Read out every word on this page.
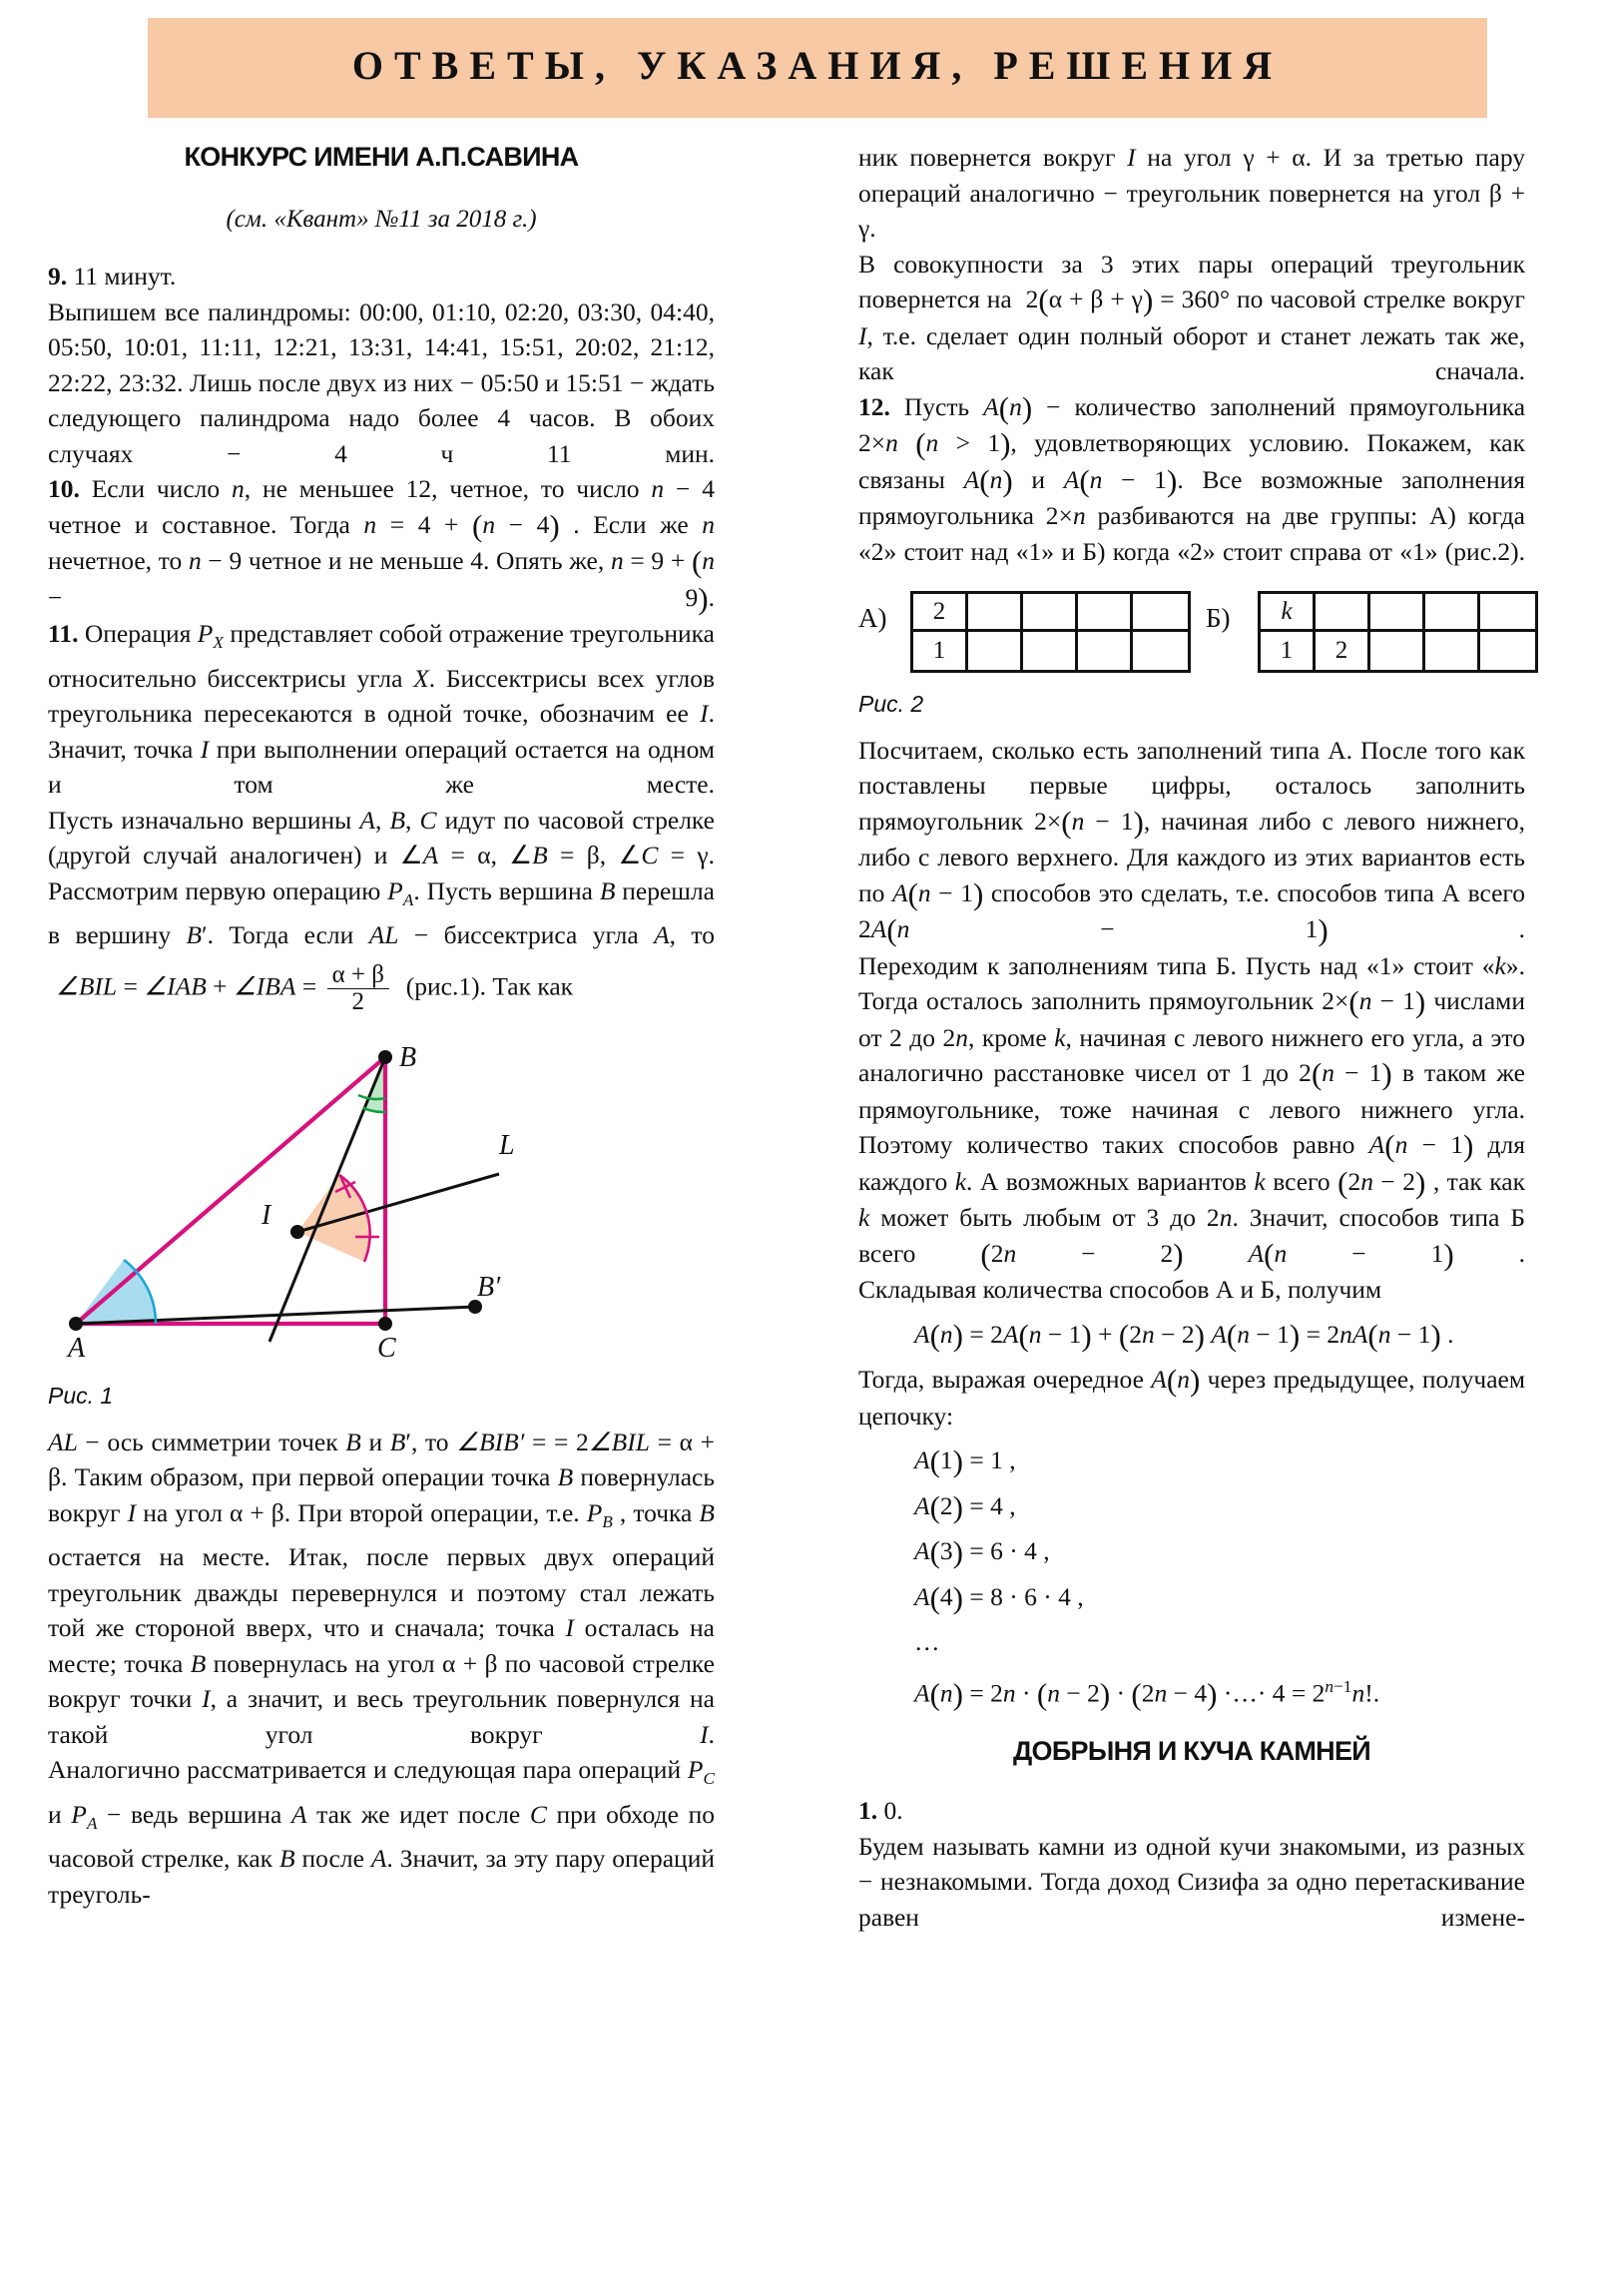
ОТВЕТЫ, УКАЗАНИЯ, РЕШЕНИЯ
КОНКУРС ИМЕНИ А.П.САВИНА
(см. «Квант» №11 за 2018 г.)

9. 11 минут.

Выпишем все палиндромы: 00:00, 01:10, 02:20, 03:30, 04:40, 05:50, 10:01, 11:11, 12:21, 13:31, 14:41, 15:51, 20:02, 21:12, 22:22, 23:32. Лишь после двух из них − 05:50 и 15:51 − ждать следующего палиндрома надо более 4 часов. В обоих случаях − 4 ч 11 мин.

10. Если число n, не меньшее 12, четное, то число n − 4 четное и составное. Тогда n = 4 + (n − 4) . Если же n нечетное, то n − 9 четное и не меньше 4. Опять же, n = 9 + (n − 9).

11. Операция $P_X$ представляет собой отражение треугольника относительно биссектрисы угла X. Биссектрисы всех углов треугольника пересекаются в одной точке, обозначим ее I. Значит, точка I при выполнении операций остается на одном и том же месте.

Пусть изначально вершины A, B, C идут по часовой стрелке (другой случай аналогичен) и ∠A = α, ∠B = β, ∠C = γ. Рассмотрим первую операцию $P_A$. Пусть вершина B перешла в вершину B′. Тогда если AL − биссектриса угла A, то

∠BIL = ∠IAB + ∠IBA = $\frac{\alpha + \beta}{2} (рис.1)$. Так как
A
B
C
I
L
B′
Рис. 1

AL − ось симметрии точек B и B′, то ∠BIB′ = = 2∠BIL = α + β. Таким образом, при первой операции точка B повернулась вокруг I на угол α + β. При второй операции, т.е. $P_B$ , точка B остается на месте. Итак, после первых двух операций треугольник дважды перевернулся и поэтому стал лежать той же стороной вверх, что и сначала; точка I осталась на месте; точка B повернулась на угол α + β по часовой стрелке вокруг точки I, а значит, и весь треугольник повернулся на такой угол вокруг I.

Аналогично рассматривается и следующая пара операций $P_C$ и $P_A$ − ведь вершина A так же идет после C при обходе по часовой стрелке, как B после A. Значит, за эту пару операций треуголь-

ник повернется вокруг I на угол γ + α. И за третью пару операций аналогично − треугольник повернется на угол β + γ.

В совокупности за 3 этих пары операций треугольник повернется на  2(α + β + γ) = 360° по часовой стрелке вокруг I, т.е. сделает один полный оборот и станет лежать так же, как сначала.

12. Пусть A(n) − количество заполнений прямоугольника 2×n (n > 1), удовлетворяющих условию. Покажем, как связаны A(n) и A(n − 1). Все возможные заполнения прямоугольника 2×n разбиваются на две группы: А) когда «2» стоит над «1» и Б) когда «2» стоит справа от «1» (рис.2).

А) 2
1
Б) k
1 2
Рис. 2

Посчитаем, сколько есть заполнений типа А. После того как поставлены первые цифры, осталось заполнить прямоугольник 2×(n − 1), начиная либо с левого нижнего, либо с левого верхнего. Для каждого из этих вариантов есть по A(n − 1) способов это сделать, т.е. способов типа А всего 2A(n − 1) .

Переходим к заполнениям типа Б. Пусть над «1» стоит «k». Тогда осталось заполнить прямоугольник 2×(n − 1) числами от 2 до 2n, кроме k, начиная с левого нижнего его угла, а это аналогично расстановке чисел от 1 до 2(n − 1) в таком же прямоугольнике, тоже начиная с левого нижнего угла. Поэтому количество таких способов равно A(n − 1) для каждого k. А возможных вариантов k всего (2n − 2) , так как k может быть любым от 3 до 2n. Значит, способов типа Б всего (2n − 2)	A(n − 1) .

Складывая количества способов А и Б, получим

A(n) = 2A(n − 1) + (2n − 2) A(n − 1) = 2nA(n − 1) .

Тогда, выражая очередное A(n) через предыдущее, получаем цепочку:

A(1) = 1 ,
A(2) = 4 ,
A(3) = 6 · 4 ,
A(4) = 8 · 6 · 4 ,
…
A(n) = 2n · (n − 2) · (2n − 4) ·…· $4 = 2^{n-1}n$!.
ДОБРЫНЯ И КУЧА КАМНЕЙ

1. 0.

Будем называть камни из одной кучи знакомыми, из разных − незнакомыми. Тогда доход Сизифа за одно перетаскивание равен измене-
